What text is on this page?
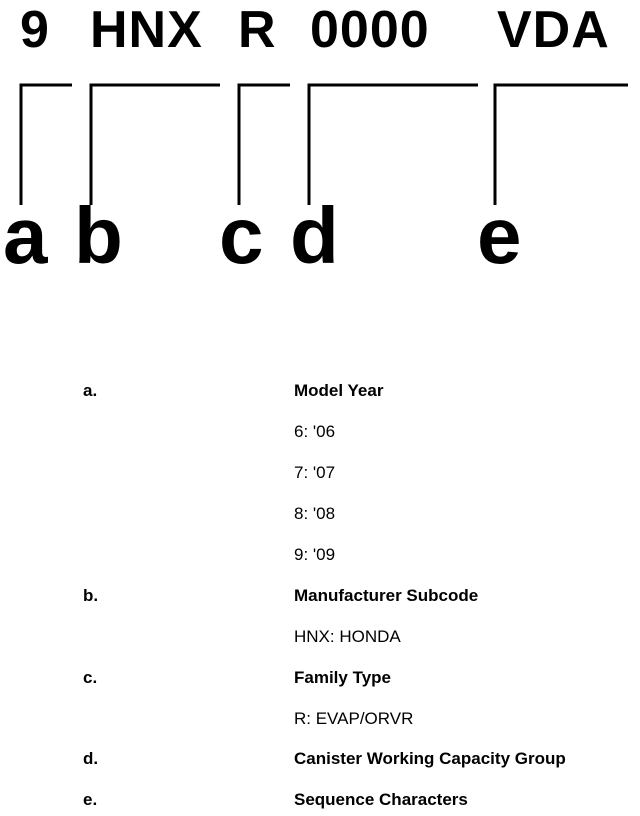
9 HNX R 0000 VDA
a b c d e
a.	Model Year
6: '06
7: '07
8: '08
9: '09
b.	Manufacturer Subcode
HNX: HONDA
c.	Family Type
R: EVAP/ORVR
d.	Canister Working Capacity Group
e.	Sequence Characters
